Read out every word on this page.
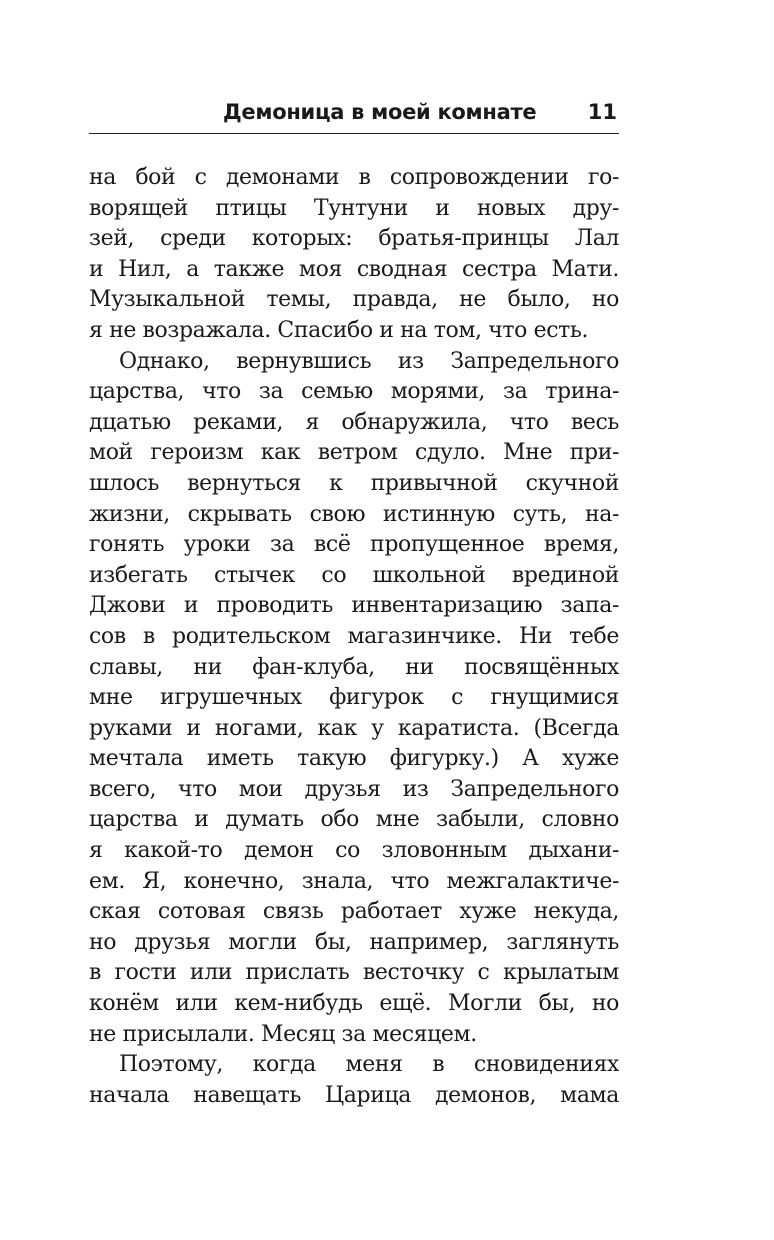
Демоница в моей комнате 11
на бой с демонами в сопровождении го-
ворящей птицы Тунтуни и новых дру-
зей, среди которых: братья-принцы Лал
и Нил, а также моя сводная сестра Мати.
Музыкальной темы, правда, не было, но
я не возражала. Спасибо и на том, что есть.
Однако, вернувшись из Запредельного
царства, что за семью морями, за трина-
дцатью реками, я обнаружила, что весь
мой героизм как ветром сдуло. Мне при-
шлось вернуться к привычной скучной
жизни, скрывать свою истинную суть, на-
гонять уроки за всё пропущенное время,
избегать стычек со школьной врединой
Джови и проводить инвентаризацию запа-
сов в родительском магазинчике. Ни тебе
славы, ни фан-клуба, ни посвящённых
мне игрушечных фигурок с гнущимися
руками и ногами, как у каратиста. (Всегда
мечтала иметь такую фигурку.) А хуже
всего, что мои друзья из Запредельного
царства и думать обо мне забыли, словно
я какой-то демон со зловонным дыхани-
ем. Я, конечно, знала, что межгалактиче-
ская сотовая связь работает хуже некуда,
но друзья могли бы, например, заглянуть
в гости или прислать весточку с крылатым
конём или кем-нибудь ещё. Могли бы, но
не присылали. Месяц за месяцем.
Поэтому, когда меня в сновидениях
начала навещать Царица демонов, мама
